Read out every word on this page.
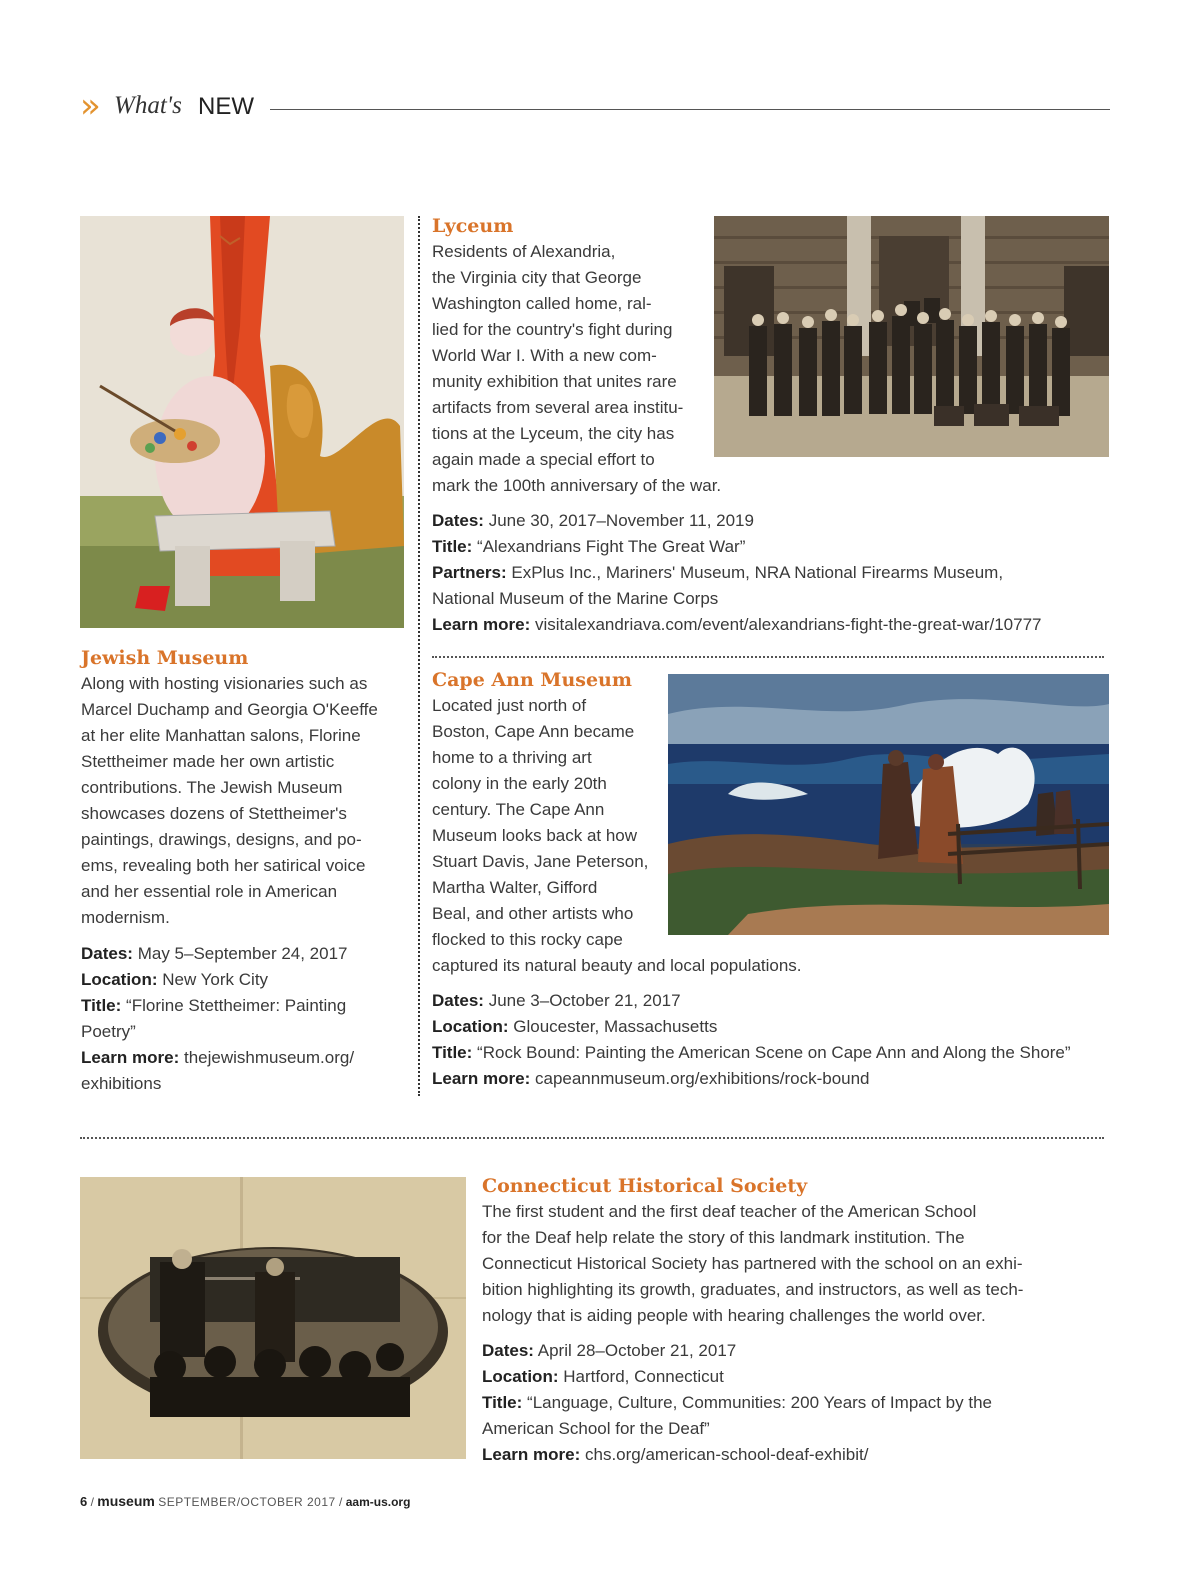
» What's NEW
Jewish Museum
Along with hosting visionaries such as
Marcel Duchamp and Georgia O'Keeffe
at her elite Manhattan salons, Florine
Stettheimer made her own artistic
contributions. The Jewish Museum
showcases dozens of Stettheimer's
paintings, drawings, designs, and po-
ems, revealing both her satirical voice
and her essential role in American
modernism.
Dates: May 5–September 24, 2017
Location: New York City
Title: “Florine Stettheimer: Painting
Poetry”
Learn more: thejewishmuseum.org/
exhibitions
Lyceum
Residents of Alexandria,
the Virginia city that George
Washington called home, ral-
lied for the country's fight during
World War I. With a new com-
munity exhibition that unites rare
artifacts from several area institu-
tions at the Lyceum, the city has
again made a special effort to
mark the 100th anniversary of the war.
Dates: June 30, 2017–November 11, 2019
Title: “Alexandrians Fight The Great War”
Partners: ExPlus Inc., Mariners' Museum, NRA National Firearms Museum,
National Museum of the Marine Corps
Learn more: visitalexandriava.com/event/alexandrians-fight-the-great-war/10777
Cape Ann Museum
Located just north of
Boston, Cape Ann became
home to a thriving art
colony in the early 20th
century. The Cape Ann
Museum looks back at how
Stuart Davis, Jane Peterson,
Martha Walter, Gifford
Beal, and other artists who
flocked to this rocky cape
captured its natural beauty and local populations.
Dates: June 3–October 21, 2017
Location: Gloucester, Massachusetts
Title: “Rock Bound: Painting the American Scene on Cape Ann and Along the Shore”
Learn more: capeannmuseum.org/exhibitions/rock-bound
Connecticut Historical Society
The first student and the first deaf teacher of the American School
for the Deaf help relate the story of this landmark institution. The
Connecticut Historical Society has partnered with the school on an exhi-
bition highlighting its growth, graduates, and instructors, as well as tech-
nology that is aiding people with hearing challenges the world over.
Dates: April 28–October 21, 2017
Location: Hartford, Connecticut
Title: “Language, Culture, Communities: 200 Years of Impact by the
American School for the Deaf”
Learn more: chs.org/american-school-deaf-exhibit/
6 / museum SEPTEMBER/OCTOBER 2017 / aam-us.org
